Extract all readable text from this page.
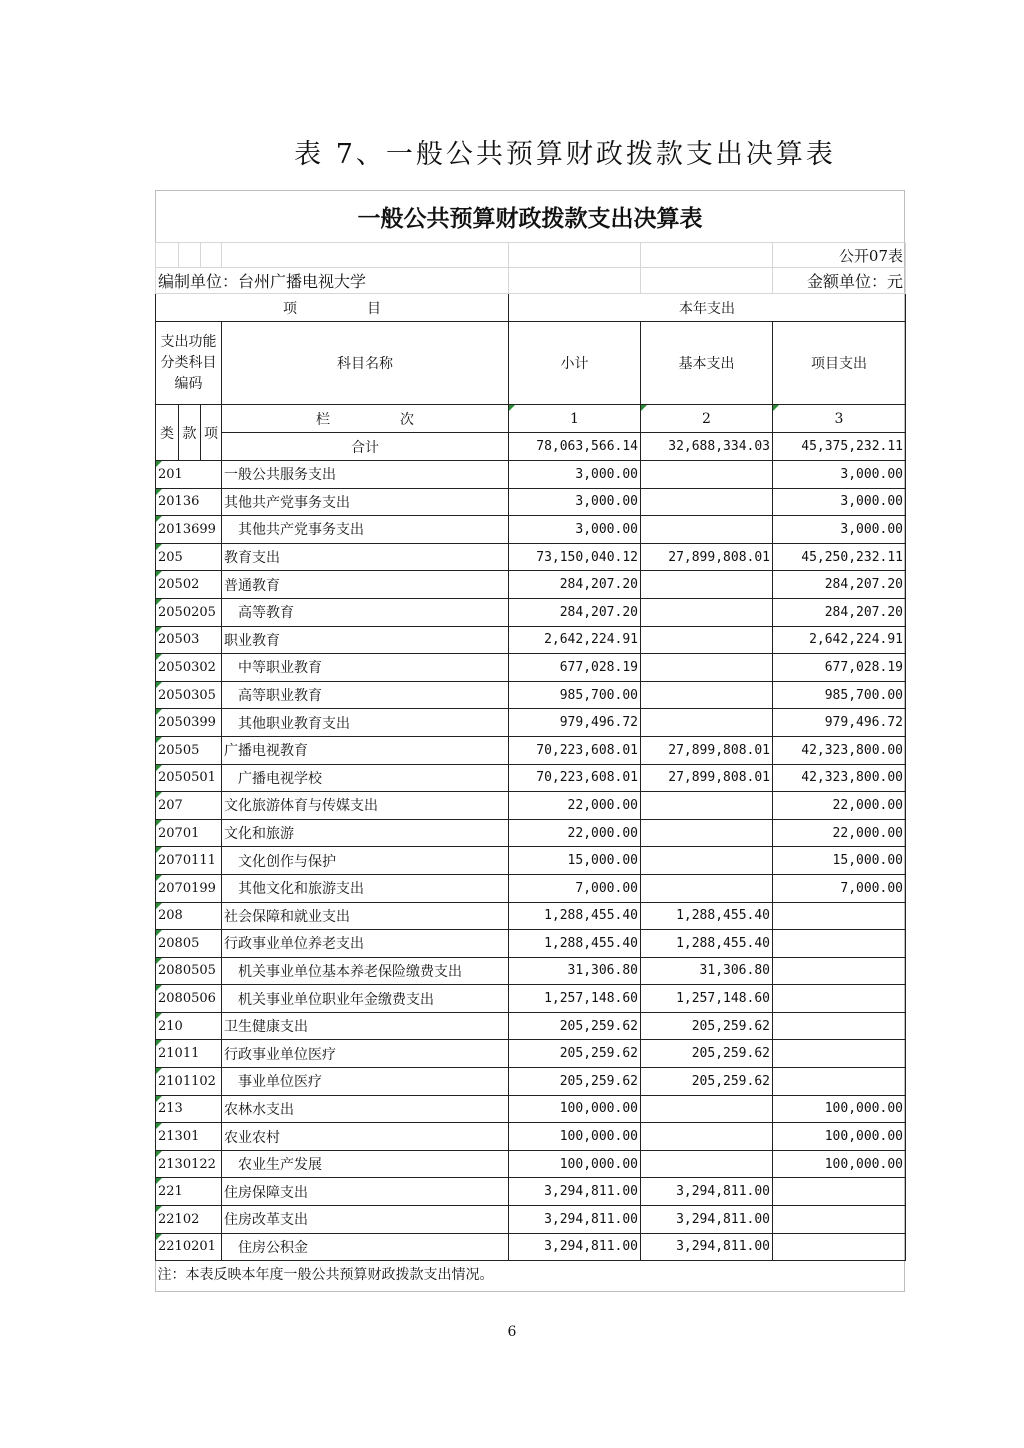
表 7、一般公共预算财政拨款支出决算表
一般公共预算财政拨款支出决算表
						公开07表
编制单位：台州广播电视大学						金额单位：元
项　　　　　目				本年支出		
支出功能分类科目编码			科目名称	小计	基本支出	项目支出
类	款	项	栏　　　　　次	1	2	3
			合计	78,063,566.14	32,688,334.03	45,375,232.11
201			一般公共服务支出	3,000.00		3,000.00
20136			其他共产党事务支出	3,000.00		3,000.00
2013699			其他共产党事务支出	3,000.00		3,000.00
205			教育支出	73,150,040.12	27,899,808.01	45,250,232.11
20502			普通教育	284,207.20		284,207.20
2050205			高等教育	284,207.20		284,207.20
20503			职业教育	2,642,224.91		2,642,224.91
2050302			中等职业教育	677,028.19		677,028.19
2050305			高等职业教育	985,700.00		985,700.00
2050399			其他职业教育支出	979,496.72		979,496.72
20505			广播电视教育	70,223,608.01	27,899,808.01	42,323,800.00
2050501			广播电视学校	70,223,608.01	27,899,808.01	42,323,800.00
207			文化旅游体育与传媒支出	22,000.00		22,000.00
20701			文化和旅游	22,000.00		22,000.00
2070111			文化创作与保护	15,000.00		15,000.00
2070199			其他文化和旅游支出	7,000.00		7,000.00
208			社会保障和就业支出	1,288,455.40	1,288,455.40	
20805			行政事业单位养老支出	1,288,455.40	1,288,455.40	
2080505			机关事业单位基本养老保险缴费支出	31,306.80	31,306.80	
2080506			机关事业单位职业年金缴费支出	1,257,148.60	1,257,148.60	
210			卫生健康支出	205,259.62	205,259.62	
21011			行政事业单位医疗	205,259.62	205,259.62	
2101102			事业单位医疗	205,259.62	205,259.62	
213			农林水支出	100,000.00		100,000.00
21301			农业农村	100,000.00		100,000.00
2130122			农业生产发展	100,000.00		100,000.00
221			住房保障支出	3,294,811.00	3,294,811.00	
22102			住房改革支出	3,294,811.00	3,294,811.00	
2210201			住房公积金	3,294,811.00	3,294,811.00	
注：本表反映本年度一般公共预算财政拨款支出情况。						
6
